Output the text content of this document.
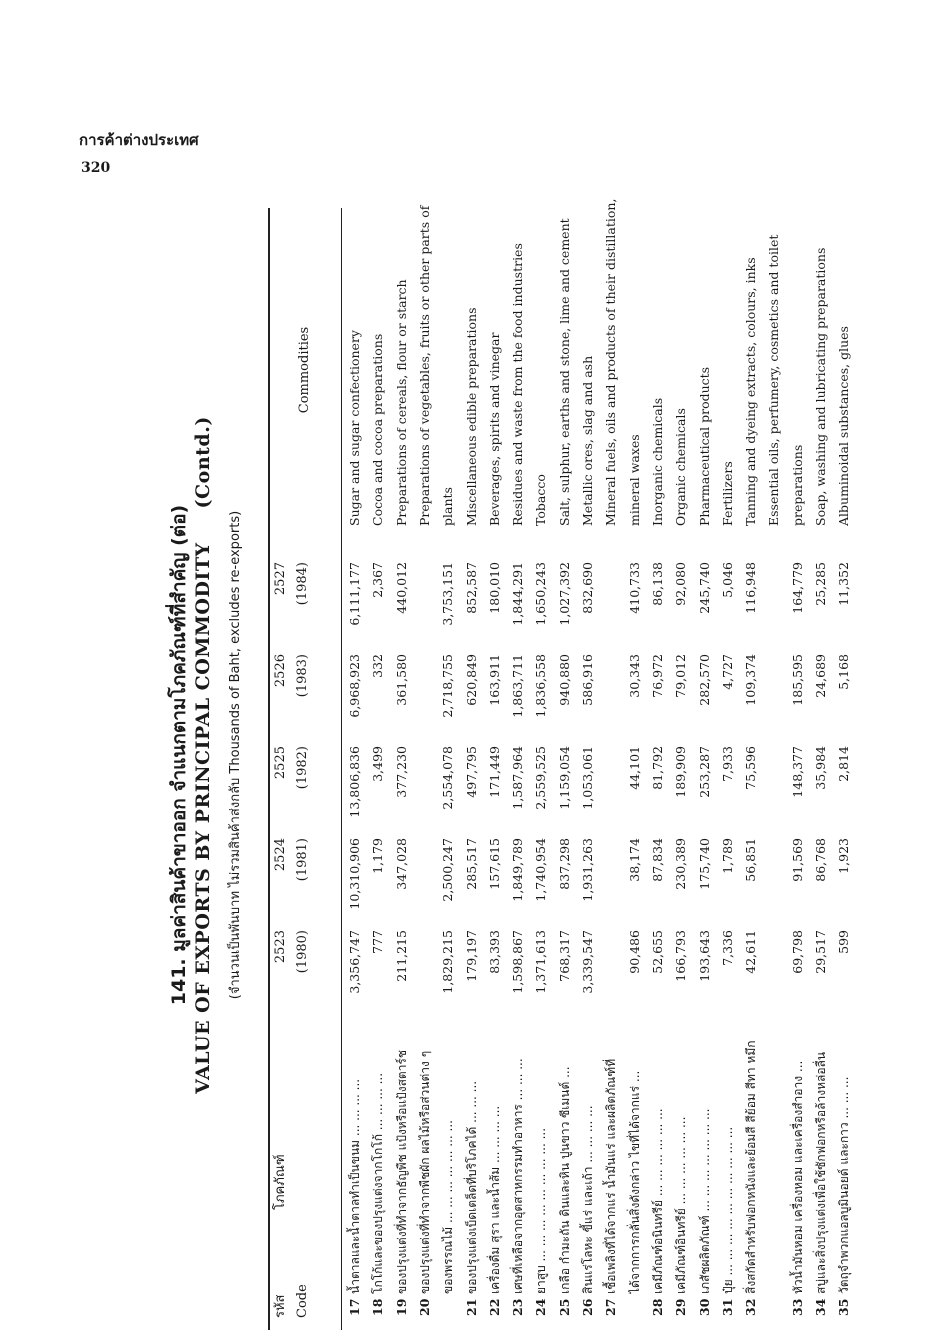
การค้าต่างประเทศ
320
141. มูลค่าสินค้าขาออก จำแนกตามโภคภัณฑ์ที่สำคัญ (ต่อ) VALUE OF EXPORTS BY PRINCIPAL COMMODITY(Contd.)
(จำนวนเป็นพันบาท ไม่รวมสินค้าส่งกลับ Thousands of Baht, excludes re-exports)
รหัส Code
โภคภัณฑ์
2523 (1980)
2524 (1981)
2525 (1982)
2526 (1983)
2527 (1984)
Commodities
17
น้ำตาลและน้ำตาลทำเป็นขนม ... ... ... ...
3,356,747
10,310,906
13,806,836
6,968,923
6,111,177
Sugar and sugar confectionery
18
โกโก้และของปรุงแต่งจากโกโก้ ... ... ... ...
777
1,179
3,499
332
2,367
Cocoa and cocoa preparations
19
ของปรุงแต่งที่ทำจากธัญพืช แป้งหรือแป้งสตาร์ช
211,215
347,028
377,230
361,580
440,012
Preparations of cereals, flour or starch
20
ของปรุงแต่งที่ทำจากพืชผัก ผลไม้หรือส่วนต่าง ๆ
Preparations of vegetables, fruits or other parts of
ของพรรณไม้ ... ... ... ... ... ... ...
1,829,215
2,500,247
2,554,078
2,718,755
3,753,151
plants
21
ของปรุงแต่งเบ็ดเตล็ดที่บริโภคได้ ... ... ...
179,197
285,517
497,795
620,849
852,587
Miscellaneous edible preparations
22
เครื่องดื่ม สุรา และน้ำส้ม ... ... ... ...
83,393
157,615
171,449
163,911
180,010
Beverages, spirits and vinegar
23
เศษที่เหลือจากอุตสาหกรรมทำอาหาร ... ... ...
1,598,867
1,849,789
1,587,964
1,863,711
1,844,291
Residues and waste from the food industries
24
ยาสูบ ... ... ... ... ... ... ... ... ...
1,371,613
1,740,954
2,559,525
1,836,558
1,650,243
Tobacco
25
เกลือ กำมะถัน ดินและหิน ปูนขาว ซีเมนต์ ...
768,317
837,298
1,159,054
940,880
1,027,392
Salt, sulphur, earths and stone, lime and cement
26
สินแร่โลหะ ขี้แร่ และเถ้า ... ... ... ...
3,339,547
1,931,263
1,053,061
586,916
832,690
Metallic ores, slag and ash
27
เชื้อเพลิงที่ได้จากแร่ น้ำมันแร่ และผลิตภัณฑ์ที่
Mineral fuels, oils and products of their distillation,
ได้จากการกลั่นสิ่งดังกล่าว ไขที่ได้จากแร่ ...
90,486
38,174
44,101
30,343
410,733
mineral waxes
28
เคมีภัณฑ์อนินทรีย์ ... ... ... ... ... ...
52,655
87,834
81,792
76,972
86,138
Inorganic chemicals
29
เคมีภัณฑ์อินทรีย์ ... ... ... ... ... ...
166,793
230,389
189,909
79,012
92,080
Organic chemicals
30
เภสัชผลิตภัณฑ์ ... ... ... ... ... ... ...
193,643
175,740
253,287
282,570
245,740
Pharmaceutical products
31
ปุ๋ย ... ... ... ... ... ... ... ... ... ...
7,336
1,789
7,933
4,727
5,046
Fertilizers
32
สิ่งสกัดสำหรับฟอกหนังและย้อมสี สีย้อม สีทา หมึก
42,611
56,851
75,596
109,374
116,948
Tanning and dyeing extracts, colours, inks Essential oils, perfumery, cosmetics and toilet
33
หัวน้ำมันหอม เครื่องหอม และเครื่องสำอาง ...
69,798
91,569
148,377
185,595
164,779
preparations
34
สบู่และสิ่งปรุงแต่งเพื่อใช้ซักฟอกหรือล้างหล่อลื่น
29,517
86,768
35,984
24,689
25,285
Soap, washing and lubricating preparations
35
วัตถุจำพวกแอลบูมินอยด์ และกาว ... ... ...
599
1,923
2,814
5,168
11,352
Albuminoidal substances, glues
